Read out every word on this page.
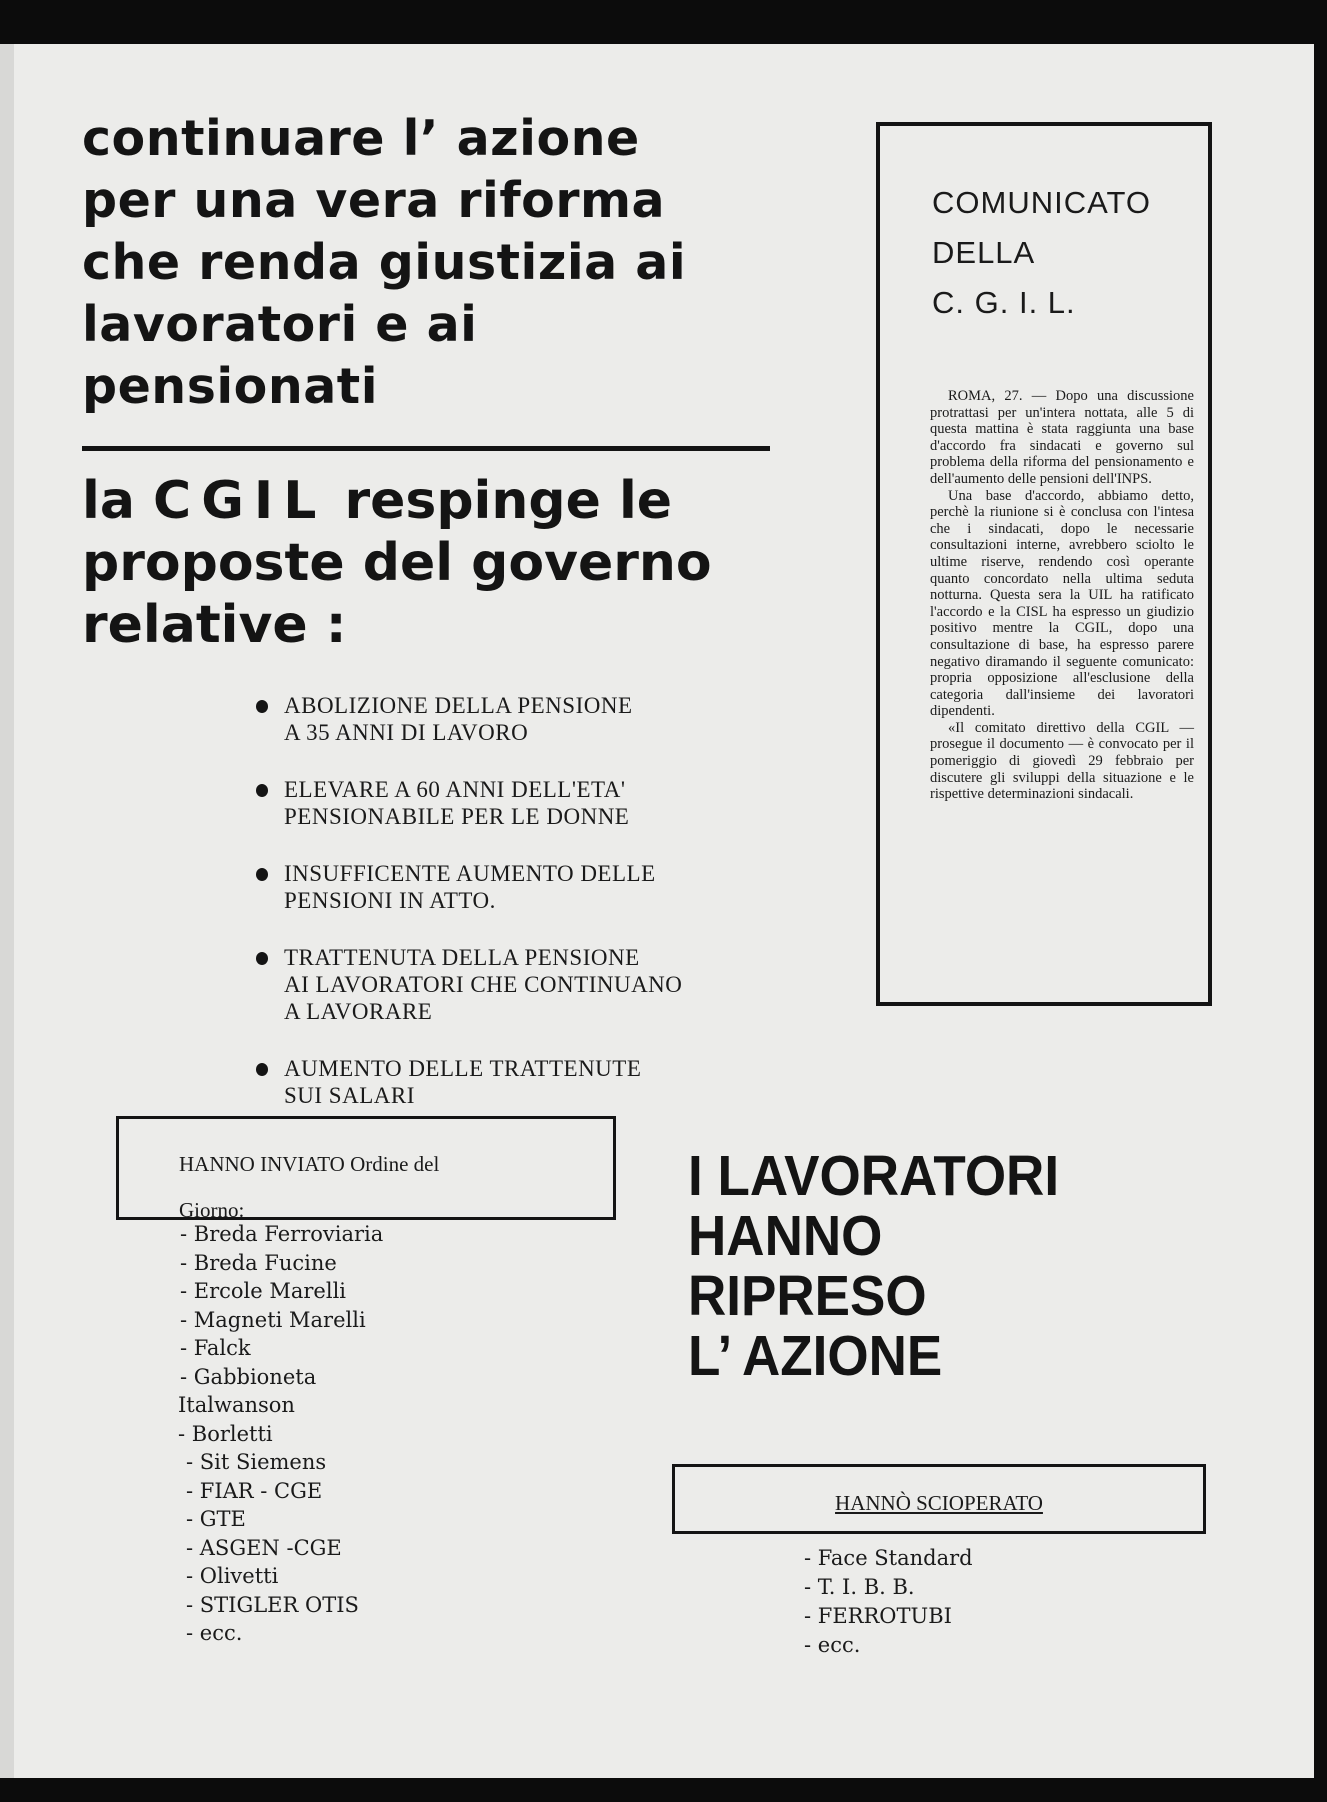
continuare l’ azione
per una vera riforma
che renda giustizia ai
lavoratori e ai
pensionati
la CGIL respinge le
proposte del governo
relative :
ABOLIZIONE DELLA PENSIONE
A 35 ANNI DI LAVORO
ELEVARE A 60 ANNI DELL'ETA'
PENSIONABILE PER LE DONNE
INSUFFICENTE AUMENTO DELLE
PENSIONI IN ATTO.
TRATTENUTA DELLA PENSIONE
AI LAVORATORI CHE CONTINUANO
A LAVORARE
AUMENTO DELLE TRATTENUTE
SUI SALARI
HANNO INVIATO Ordine del
Giorno:
- Breda Ferroviaria
- Breda Fucine
- Ercole Marelli
- Magneti Marelli
- Falck
- Gabbioneta
Italwanson
- Borletti
- Sit Siemens
- FIAR - CGE
- GTE
- ASGEN -CGE
- Olivetti
- STIGLER OTIS
- ecc.
COMUNICATO
DELLA
C. G. I. L.

ROMA, 27. — Dopo una discussione protrattasi per un'intera nottata, alle 5 di questa mattina è stata raggiunta una base d'accordo fra sindacati e governo sul problema della riforma del pensionamento e dell'aumento delle pensioni dell'INPS.

Una base d'accordo, abbiamo detto, perchè la riunione si è conclusa con l'intesa che i sindacati, dopo le necessarie consultazioni interne, avrebbero sciolto le ultime riserve, rendendo così operante quanto concordato nella ultima seduta notturna. Questa sera la UIL ha ratificato l'accordo e la CISL ha espresso un giudizio positivo mentre la CGIL, dopo una consultazione di base, ha espresso parere negativo diramando il seguente comunicato: propria opposizione all'esclusione della categoria dall'insieme dei lavoratori dipendenti.

«Il comitato direttivo della CGIL — prosegue il documento — è convocato per il pomeriggio di giovedì 29 febbraio per discutere gli sviluppi della situazione e le rispettive determinazioni sindacali.

I LAVORATORI
HANNO
RIPRESO
L’ AZIONE
HANNÒ SCIOPERATO
- Face Standard
- T. I. B. B.
- FERROTUBI
- ecc.
